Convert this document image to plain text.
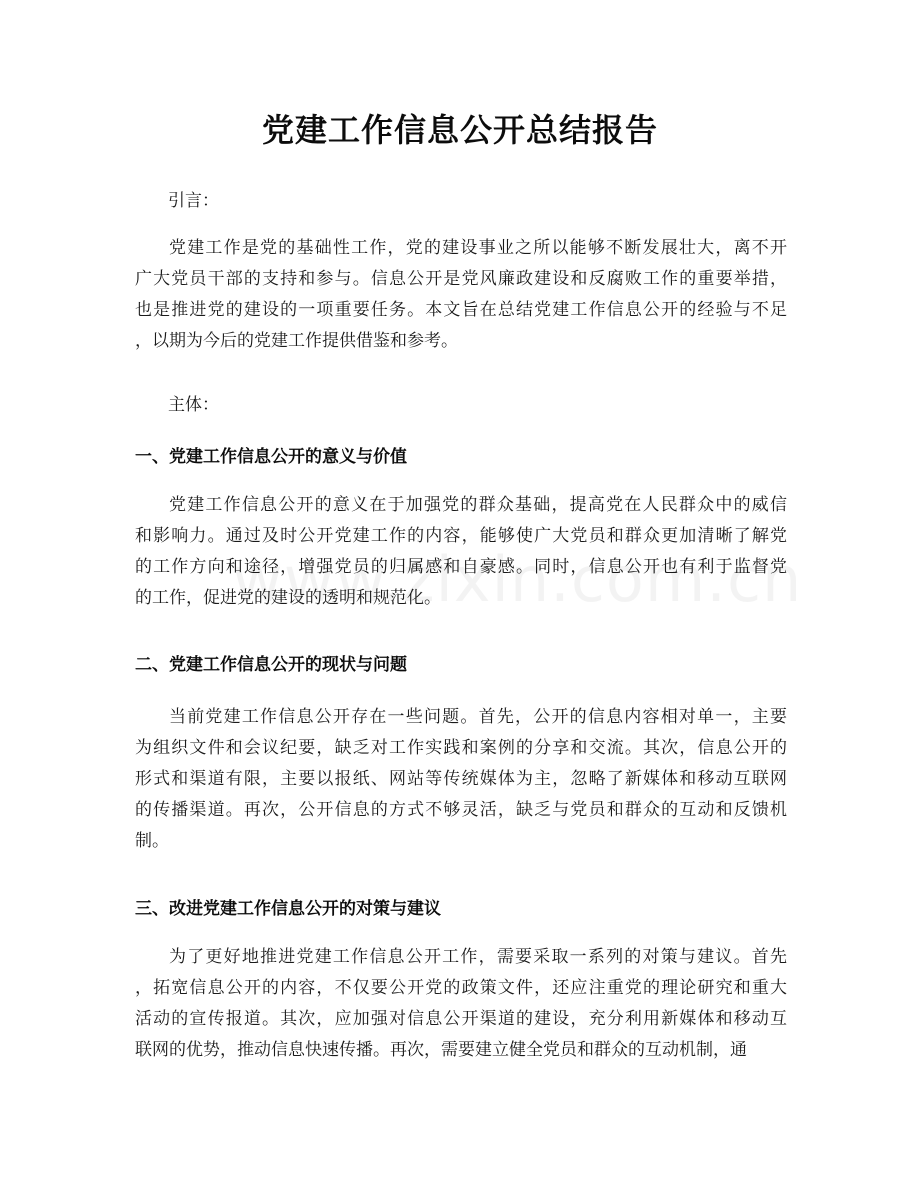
党建工作信息公开总结报告
引言：

党建工作是党的基础性工作，党的建设事业之所以能够不断发展壮大，离不开
广大党员干部的支持和参与。信息公开是党风廉政建设和反腐败工作的重要举措，
也是推进党的建设的一项重要任务。本文旨在总结党建工作信息公开的经验与不足
，以期为今后的党建工作提供借鉴和参考。

主体：
一、党建工作信息公开的意义与价值

党建工作信息公开的意义在于加强党的群众基础，提高党在人民群众中的威信
和影响力。通过及时公开党建工作的内容，能够使广大党员和群众更加清晰了解党
的工作方向和途径，增强党员的归属感和自豪感。同时，信息公开也有利于监督党
的工作，促进党的建设的透明和规范化。

二、党建工作信息公开的现状与问题

当前党建工作信息公开存在一些问题。首先，公开的信息内容相对单一，主要
为组织文件和会议纪要，缺乏对工作实践和案例的分享和交流。其次，信息公开的
形式和渠道有限，主要以报纸、网站等传统媒体为主，忽略了新媒体和移动互联网
的传播渠道。再次，公开信息的方式不够灵活，缺乏与党员和群众的互动和反馈机
制。

三、改进党建工作信息公开的对策与建议

为了更好地推进党建工作信息公开工作，需要采取一系列的对策与建议。首先
，拓宽信息公开的内容，不仅要公开党的政策文件，还应注重党的理论研究和重大
活动的宣传报道。其次，应加强对信息公开渠道的建设，充分利用新媒体和移动互
联网的优势，推动信息快速传播。再次，需要建立健全党员和群众的互动机制，通
